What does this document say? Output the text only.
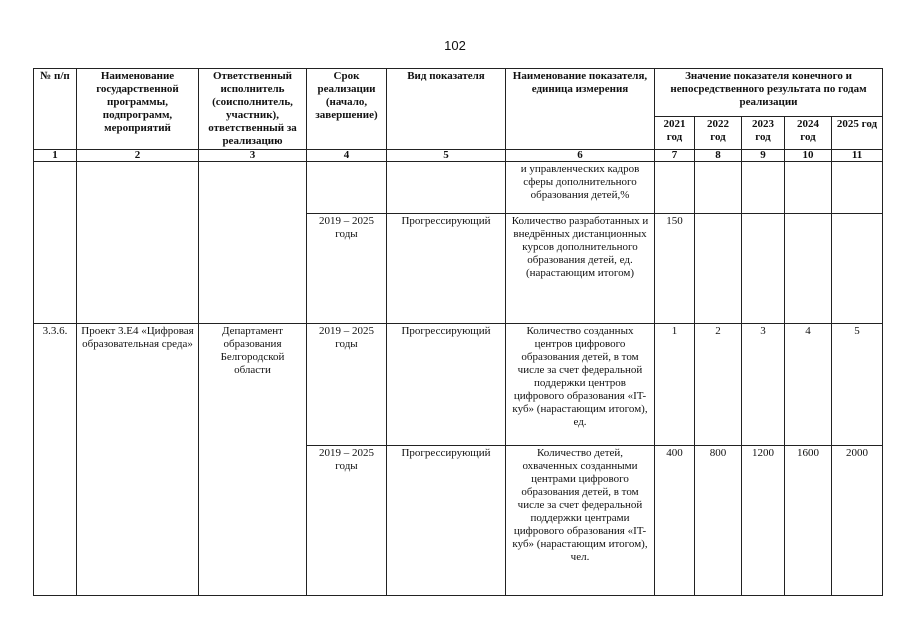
102
№ п/п	Наименование государственной программы, подпрограмм, мероприятий	Ответственный исполнитель (соисполнитель, участник), ответственный за реализацию	Срок реализации (начало, завершение)	Вид показателя	Наименование показателя, единица измерения	Значение показателя конечного и непосредственного результата по годам реализации				
						2021 год	2022 год	2023 год	2024 год	2025 год
1	2	3	4	5	6	7	8	9	10	11
					и управленческих кадров сферы дополнительного образования детей,%					
			2019 – 2025 годы	Прогрессирующий	Количество разработанных и внедрённых дистанционных курсов дополнительного образования детей, ед. (нарастающим итогом)	150				
3.3.6.	Проект 3.Е4 «Цифровая образовательная среда»	Департамент образования Белгородской области	2019 – 2025 годы	Прогрессирующий	Количество созданных центров цифрового образования детей, в том числе за счет федеральной поддержки центров цифрового образования «IT-куб» (нарастающим итогом), ед.	1	2	3	4	5
			2019 – 2025 годы	Прогрессирующий	Количество детей, охваченных созданными центрами цифрового образования детей, в том числе за счет федеральной поддержки центрами цифрового образования «IT-куб» (нарастающим итогом), чел.	400	800	1200	1600	2000
